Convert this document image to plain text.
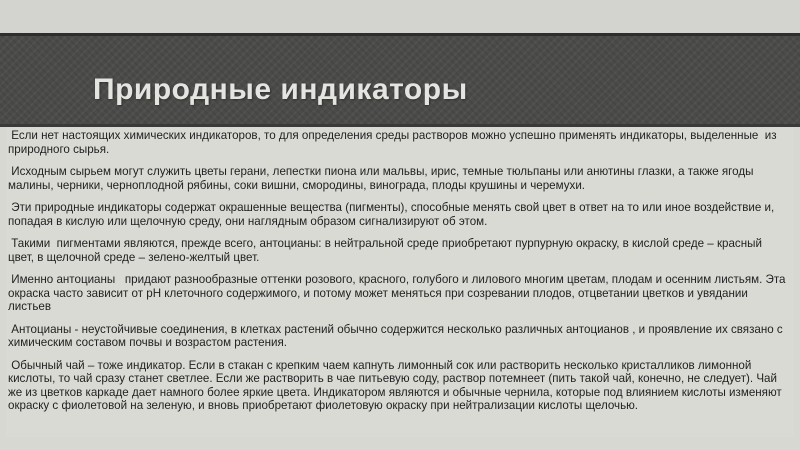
Природные индикаторы

Если нет настоящих химических индикаторов, то для определения среды растворов можно успешно применять индикаторы, выделенные  из природного сырья.

Исходным сырьем могут служить цветы герани, лепестки пиона или мальвы, ирис, темные тюльпаны или анютины глазки, а также ягоды малины, черники, черноплодной рябины, соки вишни, смородины, винограда, плоды крушины и черемухи.

Эти природные индикаторы содержат окрашенные вещества (пигменты), способные менять свой цвет в ответ на то или иное воздействие и, попадая в кислую или щелочную среду, они наглядным образом сигнализируют об этом.

Такими  пигментами являются, прежде всего, антоцианы: в нейтральной среде приобретают пурпурную окраску, в кислой среде – красный цвет, в щелочной среде – зелено-желтый цвет.

Именно антоцианы   придают разнообразные оттенки розового, красного, голубого и лилового многим цветам, плодам и осенним листьям. Эта окраска часто зависит от pH клеточного содержимого, и потому может меняться при созревании плодов, отцветании цветков и увядании листьев

Антоцианы - неустойчивые соединения, в клетках растений обычно содержится несколько различных антоцианов , и проявление их связано с химическим составом почвы и возрастом растения.

Обычный чай – тоже индикатор. Если в стакан с крепким чаем капнуть лимонный сок или растворить несколько кристалликов лимонной кислоты, то чай сразу станет светлее. Если же растворить в чае питьевую соду, раствор потемнеет (пить такой чай, конечно, не следует). Чай же из цветков каркаде дает намного более яркие цвета. Индикатором являются и обычные чернила, которые под влиянием кислоты изменяют окраску с фиолетовой на зеленую, и вновь приобретают фиолетовую окраску при нейтрализации кислоты щелочью.
